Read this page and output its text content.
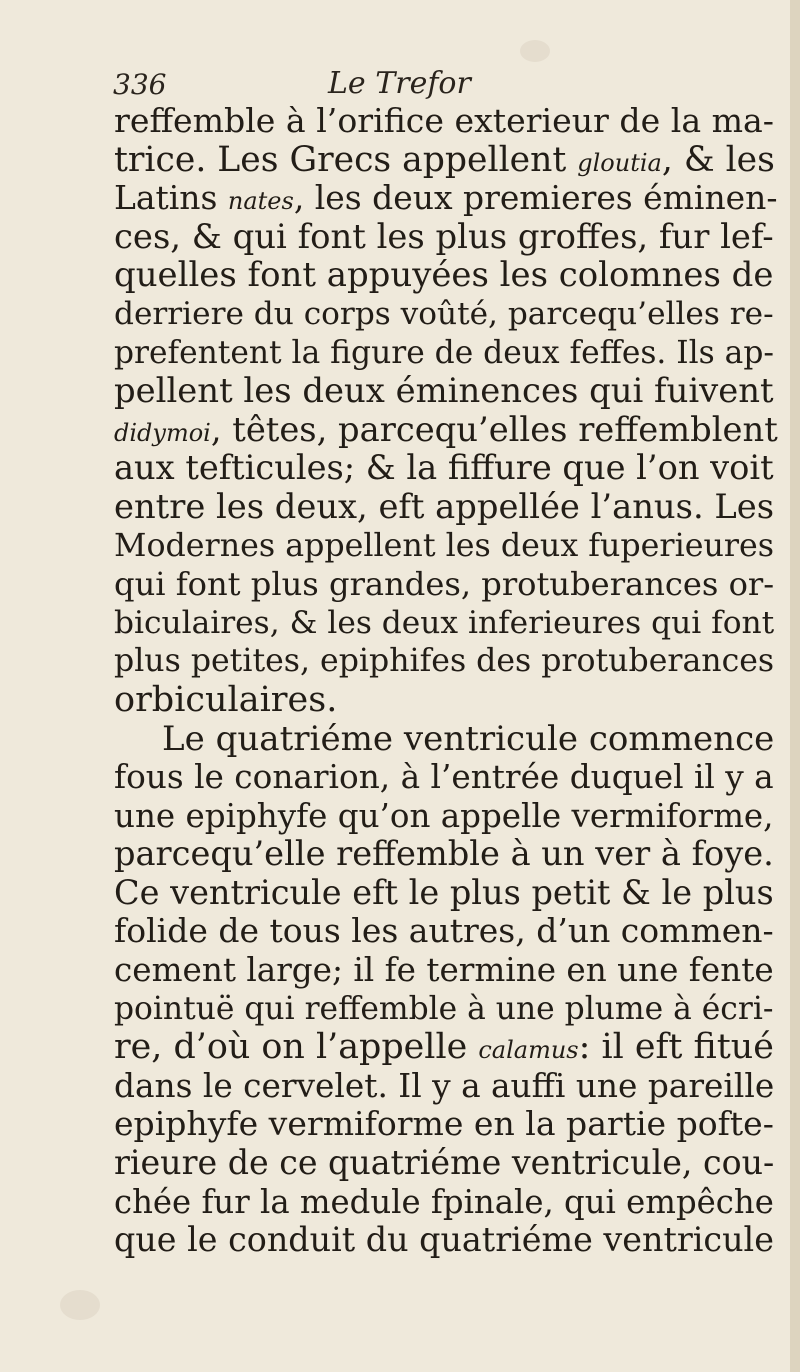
336	Le Trefor
reffemble à l’orifice exterieur de la ma-
trice. Les Grecs appellent gloutia, & les
Latins nates, les deux premieres éminen-
ces, & qui font les plus groffes, fur lef-
quelles font appuyées les colomnes de
derriere du corps voûté, parcequ’elles re-
prefentent la figure de deux feffes. Ils ap-
pellent les deux éminences qui fuivent
didymoi, têtes, parcequ’elles reffemblent
aux tefticules; & la fiffure que l’on voit
entre les deux, eft appellée l’anus. Les
Modernes appellent les deux fuperieures
qui font plus grandes, protuberances or-
biculaires, & les deux inferieures qui font
plus petites, epiphifes des protuberances
orbiculaires.
Le quatriéme ventricule commence
fous le conarion, à l’entrée duquel il y a
une epiphyfe qu’on appelle vermiforme,
parcequ’elle reffemble à un ver à foye.
Ce ventricule eft le plus petit & le plus
folide de tous les autres, d’un commen-
cement large; il fe termine en une fente
pointuë qui reffemble à une plume à écri-
re, d’où on l’appelle calamus: il eft fitué
dans le cervelet. Il y a auffi une pareille
epiphyfe vermiforme en la partie pofte-
rieure de ce quatriéme ventricule, cou-
chée fur la medule fpinale, qui empêche
que le conduit du quatriéme ventricule
